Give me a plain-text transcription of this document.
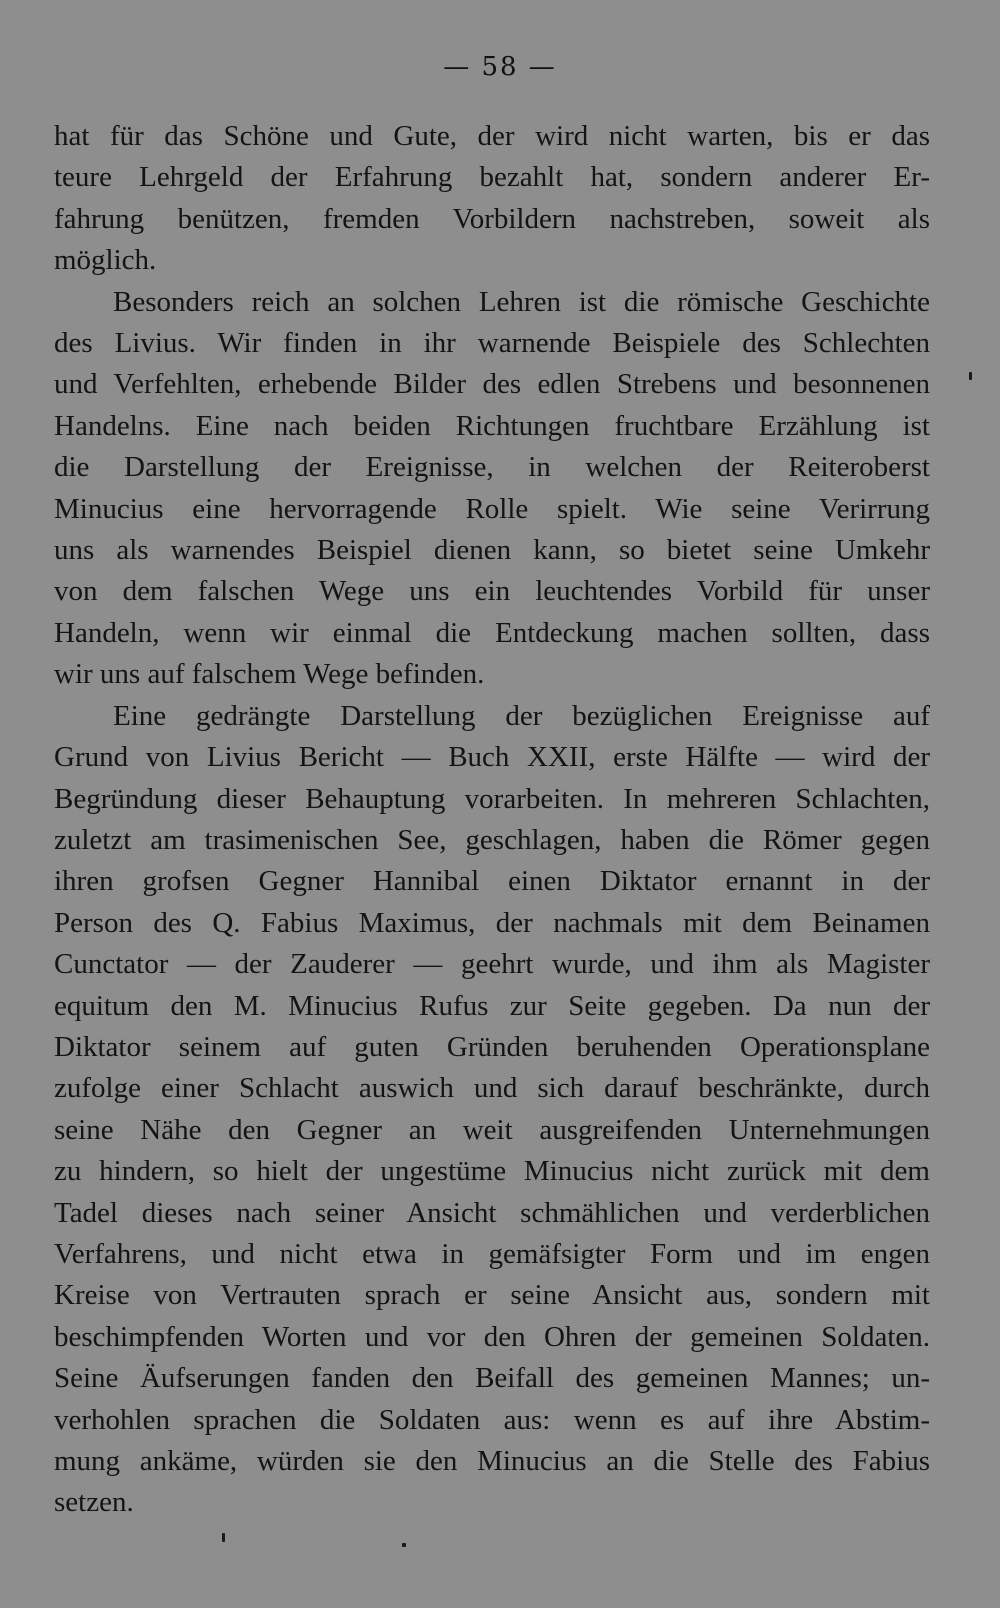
— 58 —
hat für das Schöne und Gute, der wird nicht warten, bis er das
teure Lehrgeld der Erfahrung bezahlt hat, sondern anderer Er-
fahrung benützen, fremden Vorbildern nachstreben, soweit als
möglich.
Besonders reich an solchen Lehren ist die römische Geschichte
des Livius. Wir finden in ihr warnende Beispiele des Schlechten
und Verfehlten, erhebende Bilder des edlen Strebens und besonnenen
Handelns. Eine nach beiden Richtungen fruchtbare Erzählung ist
die Darstellung der Ereignisse, in welchen der Reiteroberst
Minucius eine hervorragende Rolle spielt. Wie seine Verirrung
uns als warnendes Beispiel dienen kann, so bietet seine Umkehr
von dem falschen Wege uns ein leuchtendes Vorbild für unser
Handeln, wenn wir einmal die Entdeckung machen sollten, dass
wir uns auf falschem Wege befinden.
Eine gedrängte Darstellung der bezüglichen Ereignisse auf
Grund von Livius Bericht — Buch XXII, erste Hälfte — wird der
Begründung dieser Behauptung vorarbeiten. In mehreren Schlachten,
zuletzt am trasimenischen See, geschlagen, haben die Römer gegen
ihren grofsen Gegner Hannibal einen Diktator ernannt in der
Person des Q. Fabius Maximus, der nachmals mit dem Beinamen
Cunctator — der Zauderer — geehrt wurde, und ihm als Magister
equitum den M. Minucius Rufus zur Seite gegeben. Da nun der
Diktator seinem auf guten Gründen beruhenden Operationsplane
zufolge einer Schlacht auswich und sich darauf beschränkte, durch
seine Nähe den Gegner an weit ausgreifenden Unternehmungen
zu hindern, so hielt der ungestüme Minucius nicht zurück mit dem
Tadel dieses nach seiner Ansicht schmählichen und verderblichen
Verfahrens, und nicht etwa in gemäfsigter Form und im engen
Kreise von Vertrauten sprach er seine Ansicht aus, sondern mit
beschimpfenden Worten und vor den Ohren der gemeinen Soldaten.
Seine Äufserungen fanden den Beifall des gemeinen Mannes; un-
verhohlen sprachen die Soldaten aus: wenn es auf ihre Abstim-
mung ankäme, würden sie den Minucius an die Stelle des Fabius
setzen.
